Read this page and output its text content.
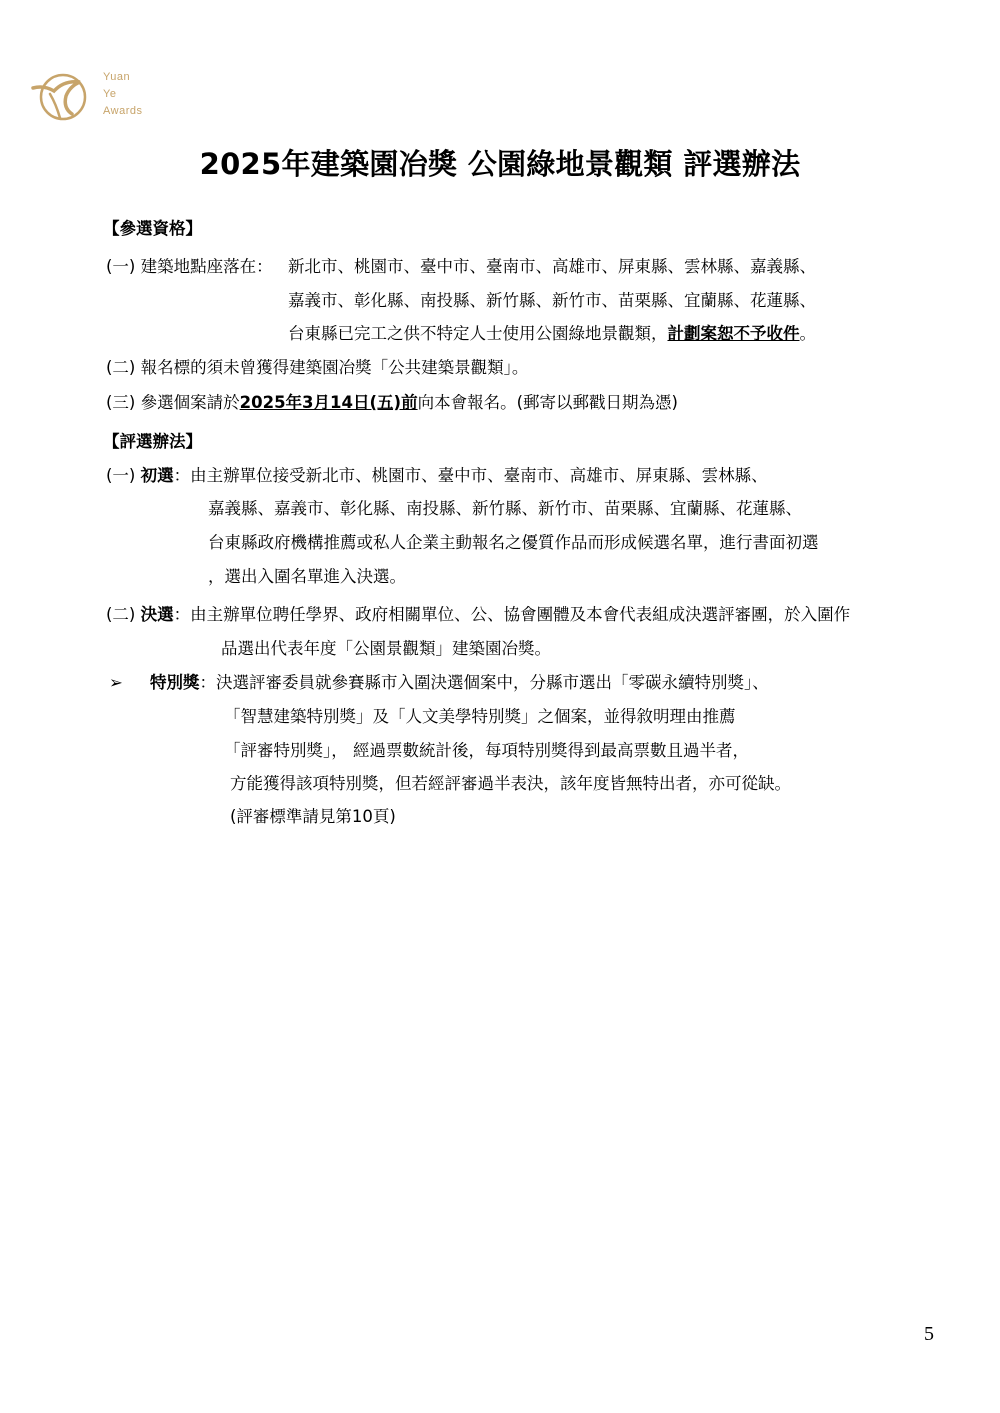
Yuan
Ye
Awards
2025年建築園冶獎 公園綠地景觀類 評選辦法
【參選資格】
(一) 建築地點座落在： 新北市、桃園市、臺中市、臺南市、高雄市、屏東縣、雲林縣、嘉義縣、
嘉義市、彰化縣、南投縣、新竹縣、新竹市、苗栗縣、宜蘭縣、花蓮縣、
台東縣已完工之供不特定人士使用公園綠地景觀類，計劃案恕不予收件。
(二) 報名標的須未曾獲得建築園冶獎「公共建築景觀類」。
(三) 參選個案請於2025年3月14日(五)前向本會報名。(郵寄以郵戳日期為憑)
【評選辦法】
(一) 初選：由主辦單位接受新北市、桃園市、臺中市、臺南市、高雄市、屏東縣、雲林縣、
嘉義縣、嘉義市、彰化縣、南投縣、新竹縣、新竹市、苗栗縣、宜蘭縣、花蓮縣、
台東縣政府機構推薦或私人企業主動報名之優質作品而形成候選名單，進行書面初選
，選出入圍名單進入決選。
(二) 決選：由主辦單位聘任學界、政府相關單位、公、協會團體及本會代表組成決選評審團，於入圍作
品選出代表年度「公園景觀類」建築園冶獎。
➢ 特別獎：決選評審委員就參賽縣市入圍決選個案中，分縣市選出「零碳永續特別獎」、
「智慧建築特別獎」及「人文美學特別獎」之個案，並得敘明理由推薦
「評審特別獎」， 經過票數統計後，每項特別獎得到最高票數且過半者，
方能獲得該項特別獎，但若經評審過半表決，該年度皆無特出者，亦可從缺。
(評審標準請見第10頁)
5
